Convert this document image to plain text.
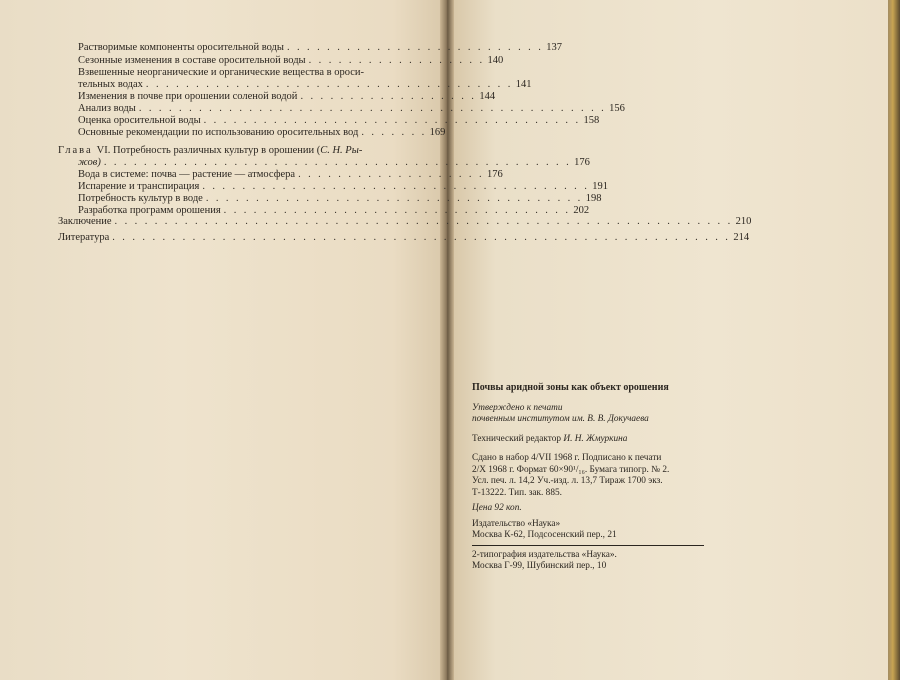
Растворимые компоненты оросительной воды . . . . . . . . . . . . . . . . . . . . . . . . . . 137
Сезонные изменения в составе оросительной воды . . . . . . . . . . . . . . . . . . 140
Взвешенные неорганические и органические вещества в ороси-
тельных водах . . . . . . . . . . . . . . . . . . . . . . . . . . . . . . . . . . . . . 141
Изменения в почве при орошении соленой водой . . . . . . . . . . . . . . . . . . 144
Анализ воды . . . . . . . . . . . . . . . . . . . . . . . . . . . . . . . . . . . . . . . . . . . . . . . 156
Оценка оросительной воды . . . . . . . . . . . . . . . . . . . . . . . . . . . . . . . . . . . . . . 158
Основные рекомендации по использованию оросительных вод . . . . . . . 169
Глава VI. Потребность различных культур в орошении ( С. Н. Ры-
жов) . . . . . . . . . . . . . . . . . . . . . . . . . . . . . . . . . . . . . . . . . . . . . . . 176
Вода в системе: почва — растение — атмосфера . . . . . . . . . . . . . . . . . . . 176
Испарение и транспирация . . . . . . . . . . . . . . . . . . . . . . . . . . . . . . . . . . . . . . . 191
Потребность культур в воде . . . . . . . . . . . . . . . . . . . . . . . . . . . . . . . . . . . . . . 198
Разработка программ орошения . . . . . . . . . . . . . . . . . . . . . . . . . . . . . . . . . . . 202
Заключение . . . . . . . . . . . . . . . . . . . . . . . . . . . . . . . . . . . . . . . . . . . . . . . . . . . . . . . . . . . . . . 210
Литература . . . . . . . . . . . . . . . . . . . . . . . . . . . . . . . . . . . . . . . . . . . . . . . . . . . . . . . . . . . . . . 214
Почвы аридной зоны как объект орошения
Утверждено к печати
почвенным институтом им. В. В. Докучаева
Технический редактор И. Н. Жмуркина
Сдано в набор 4/VII 1968 г. Подписано к печати
2/X 1968 г. Формат 60×90¹/₁₆. Бумага типогр. № 2.
Усл. печ. л. 14,2 Уч.-изд. л. 13,7 Тираж 1700 экз.
Т-13222. Тип. зак. 885.
Цена 92 коп.
Издательство «Наука»
Москва К-62, Подсосенский пер., 21
2-типография издательства «Наука».
Москва Г-99, Шубинский пер., 10
